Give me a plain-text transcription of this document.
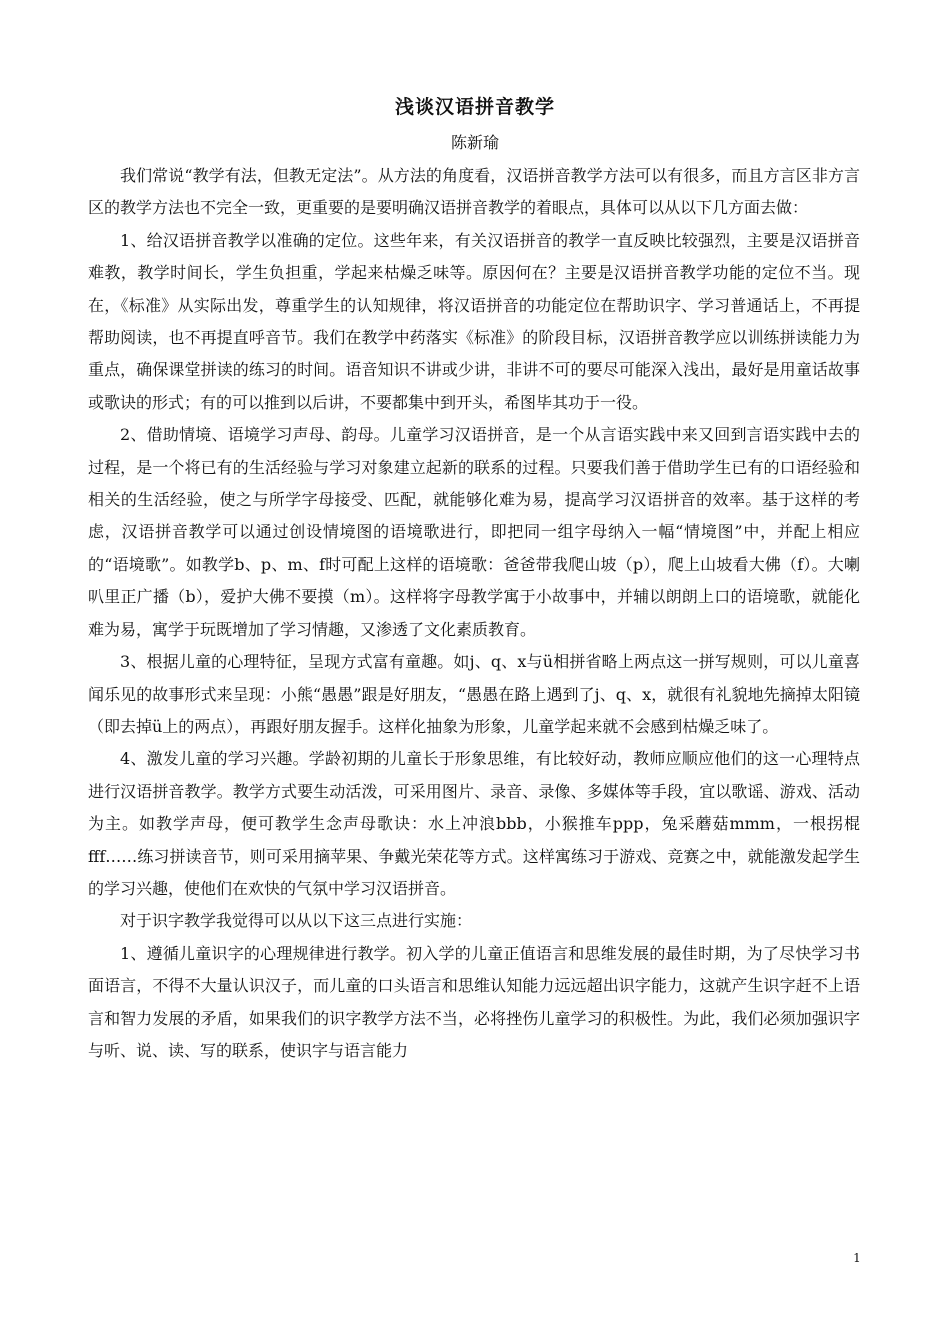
浅谈汉语拼音教学
陈新瑜

我们常说“教学有法，但教无定法”。从方法的角度看，汉语拼音教学方法可以有很多，而且方言区非方言区的教学方法也不完全一致，更重要的是要明确汉语拼音教学的着眼点，具体可以从以下几方面去做：

1、给汉语拼音教学以准确的定位。这些年来，有关汉语拼音的教学一直反映比较强烈，主要是汉语拼音难教，教学时间长，学生负担重，学起来枯燥乏味等。原因何在？主要是汉语拼音教学功能的定位不当。现在，《标准》从实际出发，尊重学生的认知规律，将汉语拼音的功能定位在帮助识字、学习普通话上，不再提帮助阅读，也不再提直呼音节。我们在教学中药落实《标准》的阶段目标，汉语拼音教学应以训练拼读能力为重点，确保课堂拼读的练习的时间。语音知识不讲或少讲，非讲不可的要尽可能深入浅出，最好是用童话故事或歌诀的形式；有的可以推到以后讲，不要都集中到开头，希图毕其功于一役。

2、借助情境、语境学习声母、韵母。儿童学习汉语拼音，是一个从言语实践中来又回到言语实践中去的过程，是一个将已有的生活经验与学习对象建立起新的联系的过程。只要我们善于借助学生已有的口语经验和相关的生活经验，使之与所学字母接受、匹配，就能够化难为易，提高学习汉语拼音的效率。基于这样的考虑，汉语拼音教学可以通过创设情境图的语境歌进行，即把同一组字母纳入一幅“情境图”中，并配上相应的“语境歌”。如教学b、p、m、f时可配上这样的语境歌：爸爸带我爬山坡（p），爬上山坡看大佛（f）。大喇叭里正广播（b），爱护大佛不要摸（m）。这样将字母教学寓于小故事中，并辅以朗朗上口的语境歌，就能化难为易，寓学于玩既增加了学习情趣，又渗透了文化素质教育。

3、根据儿童的心理特征，呈现方式富有童趣。如j、q、x与ü相拼省略上两点这一拼写规则，可以儿童喜闻乐见的故事形式来呈现：小熊“愚愚”跟是好朋友，“愚愚在路上遇到了j、q、x，就很有礼貌地先摘掉太阳镜（即去掉ü上的两点），再跟好朋友握手。这样化抽象为形象，儿童学起来就不会感到枯燥乏味了。

4、激发儿童的学习兴趣。学龄初期的儿童长于形象思维，有比较好动，教师应顺应他们的这一心理特点进行汉语拼音教学。教学方式要生动活泼，可采用图片、录音、录像、多媒体等手段，宜以歌谣、游戏、活动为主。如教学声母，便可教学生念声母歌诀：水上冲浪bbb，小猴推车ppp，兔采蘑菇mmm，一根拐棍fff……练习拼读音节，则可采用摘苹果、争戴光荣花等方式。这样寓练习于游戏、竞赛之中，就能激发起学生的学习兴趣，使他们在欢快的气氛中学习汉语拼音。

对于识字教学我觉得可以从以下这三点进行实施：

1、遵循儿童识字的心理规律进行教学。初入学的儿童正值语言和思维发展的最佳时期，为了尽快学习书面语言，不得不大量认识汉子，而儿童的口头语言和思维认知能力远远超出识字能力，这就产生识字赶不上语言和智力发展的矛盾，如果我们的识字教学方法不当，必将挫伤儿童学习的积极性。为此，我们必须加强识字与听、说、读、写的联系，使识字与语言能力

1
